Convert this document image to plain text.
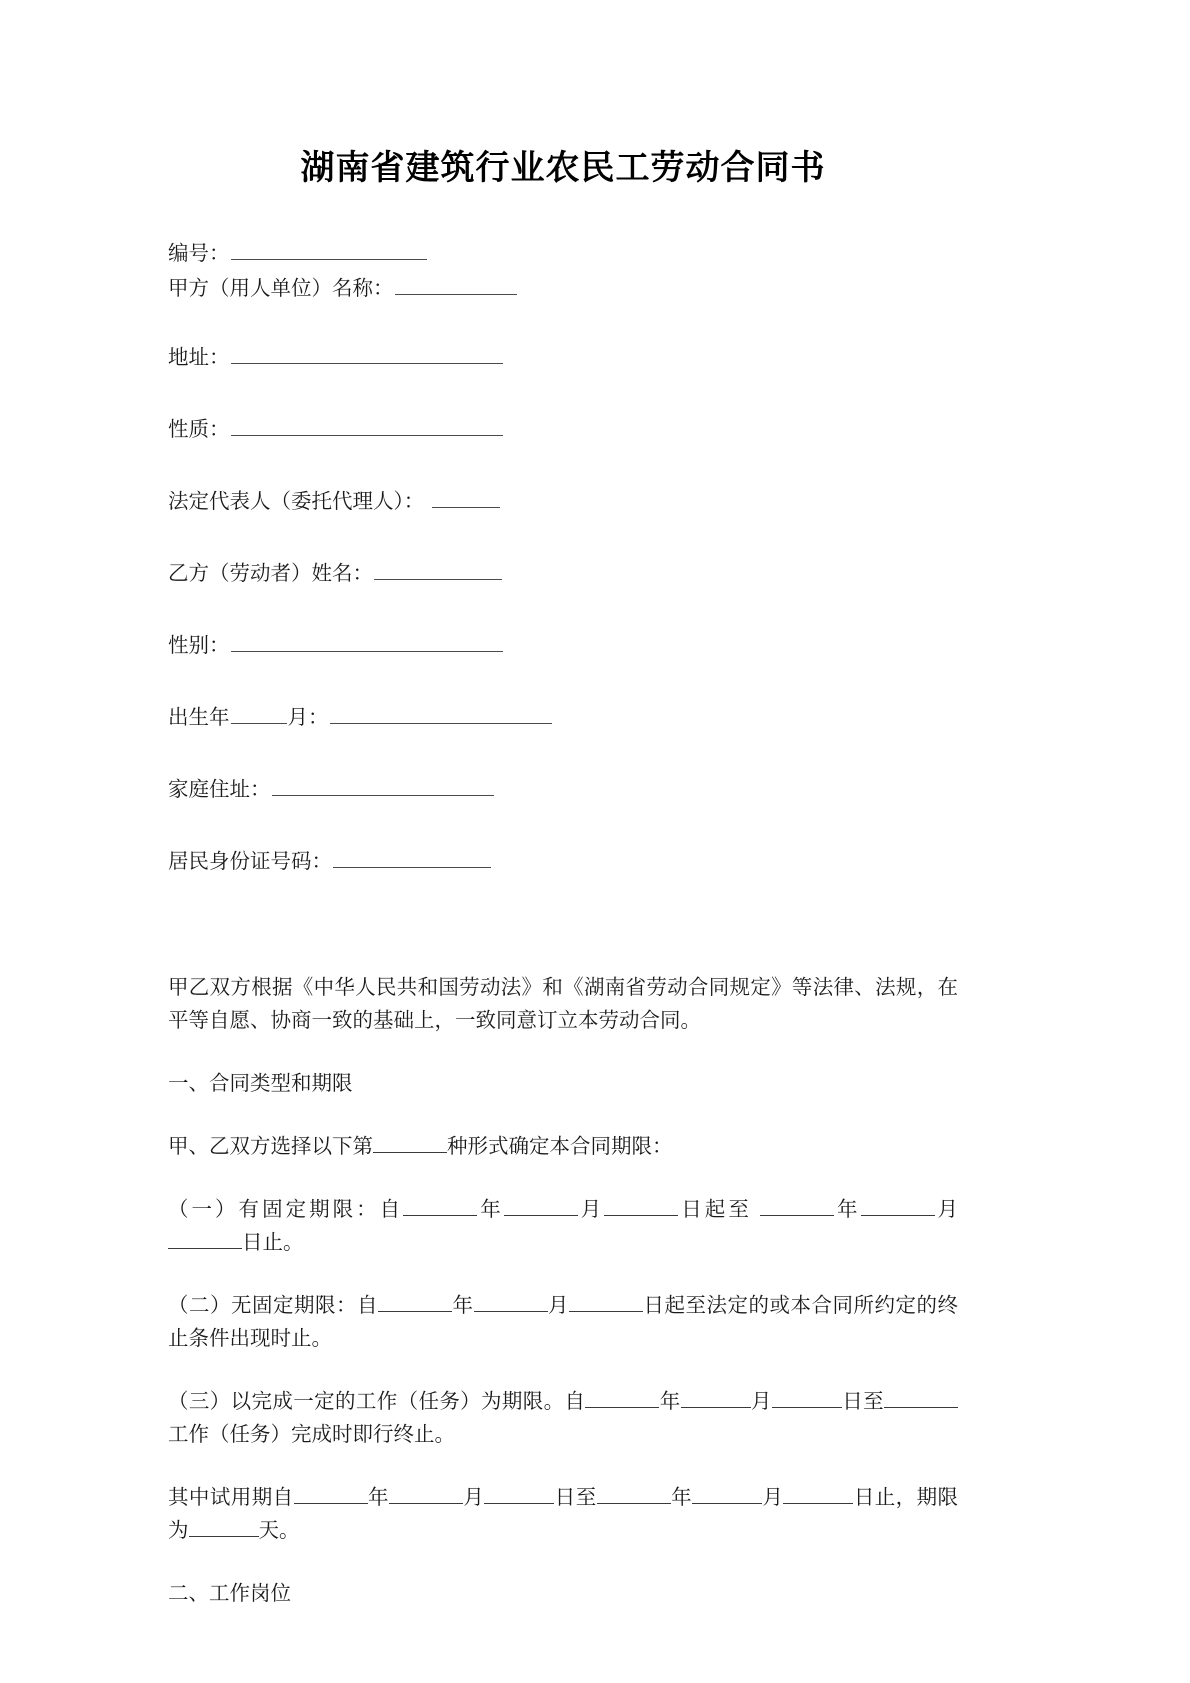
湖南省建筑行业农民工劳动合同书
编号：
甲方（用人单位）名称：
地址：
性质：
法定代表人（委托代理人）：
乙方（劳动者）姓名：
性别：
出生年	月：
家庭住址：
居民身份证号码：

甲乙双方根据《中华人民共和国劳动法》和《湖南省劳动合同规定》等法律、法规，在平等自愿、协商一致的基础上，一致同意订立本劳动合同。

一、合同类型和期限

甲、乙双方选择以下第	种形式确定本合同期限：

（一）有固定期限：自	年	月	日起至	年	月日止。

（二）无固定期限：自	年	月	日起至法定的或本合同所约定的终止条件出现时止。

（三）以完成一定的工作（任务）为期限。自	年	月	日至工作（任务）完成时即行终止。

其中试用期自	年	月	日至	年	月	日止，期限为	天。

二、工作岗位
